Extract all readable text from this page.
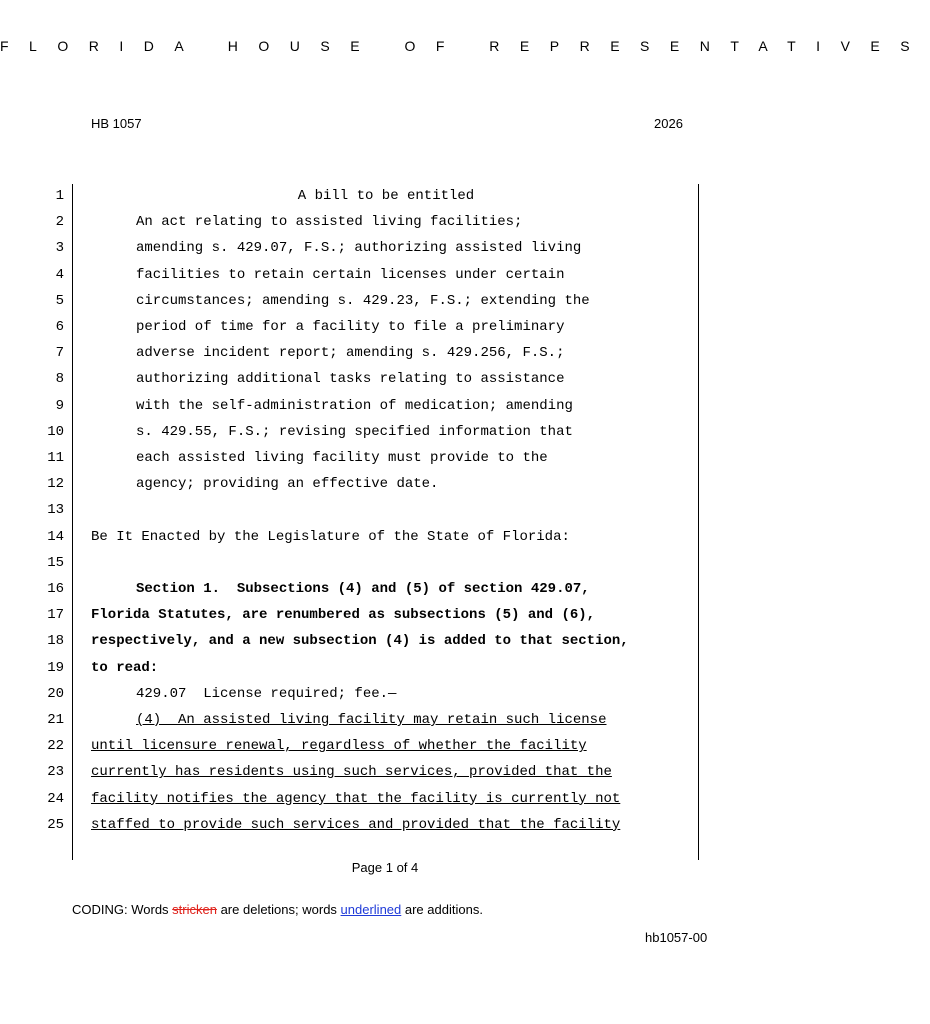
FLORIDA HOUSE OF REPRESENTATIVES
HB 1057	2026
1	A bill to be entitled
2	An act relating to assisted living facilities;
3	amending s. 429.07, F.S.; authorizing assisted living
4	facilities to retain certain licenses under certain
5	circumstances; amending s. 429.23, F.S.; extending the
6	period of time for a facility to file a preliminary
7	adverse incident report; amending s. 429.256, F.S.;
8	authorizing additional tasks relating to assistance
9	with the self-administration of medication; amending
10	s. 429.55, F.S.; revising specified information that
11	each assisted living facility must provide to the
12	agency; providing an effective date.
13
14 Be It Enacted by the Legislature of the State of Florida:
15
16	Section 1.  Subsections (4) and (5) of section 429.07,
17 Florida Statutes, are renumbered as subsections (5) and (6),
18 respectively, and a new subsection (4) is added to that section,
19 to read:
20	429.07  License required; fee.—
21	(4)  An assisted living facility may retain such license
22 until licensure renewal, regardless of whether the facility
23 currently has residents using such services, provided that the
24 facility notifies the agency that the facility is currently not
25 staffed to provide such services and provided that the facility
Page 1 of 4
CODING: Words stricken are deletions; words underlined are additions.
hb1057-00
